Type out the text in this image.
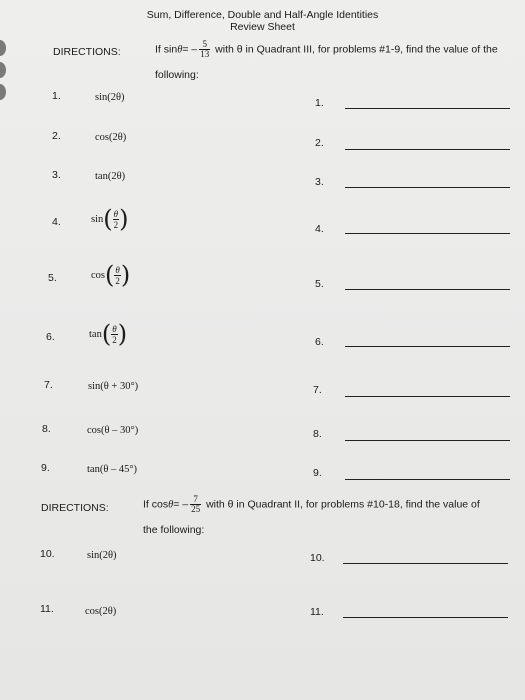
Sum, Difference, Double and Half-Angle Identities
Review Sheet
DIRECTIONS:	If $\sin\theta= - \frac{5}{13}$ with θ in Quadrant III, for problems #1-9, find the value of the
following:
1.	sin(2θ)	1.
2.	cos(2θ)	2.
3.	tan(2θ)	3.
4.	sin ( $\frac{\theta}{2}$ )	4.
5.	cos ( $\frac{\theta}{2}$ )	5.
6.	tan ( $\frac{\theta}{2}$ )	6.
7.	sin(θ + 30°)	7.
8.	cos(θ – 30°)	8.
9.	tan(θ – 45°)	9.
DIRECTIONS:	If $\cos\theta= - \frac{7}{25}$ with θ in Quadrant II, for problems #10-18, find the value of
the following:
10.	sin(2θ)	10.
11.	cos(2θ)	11.
